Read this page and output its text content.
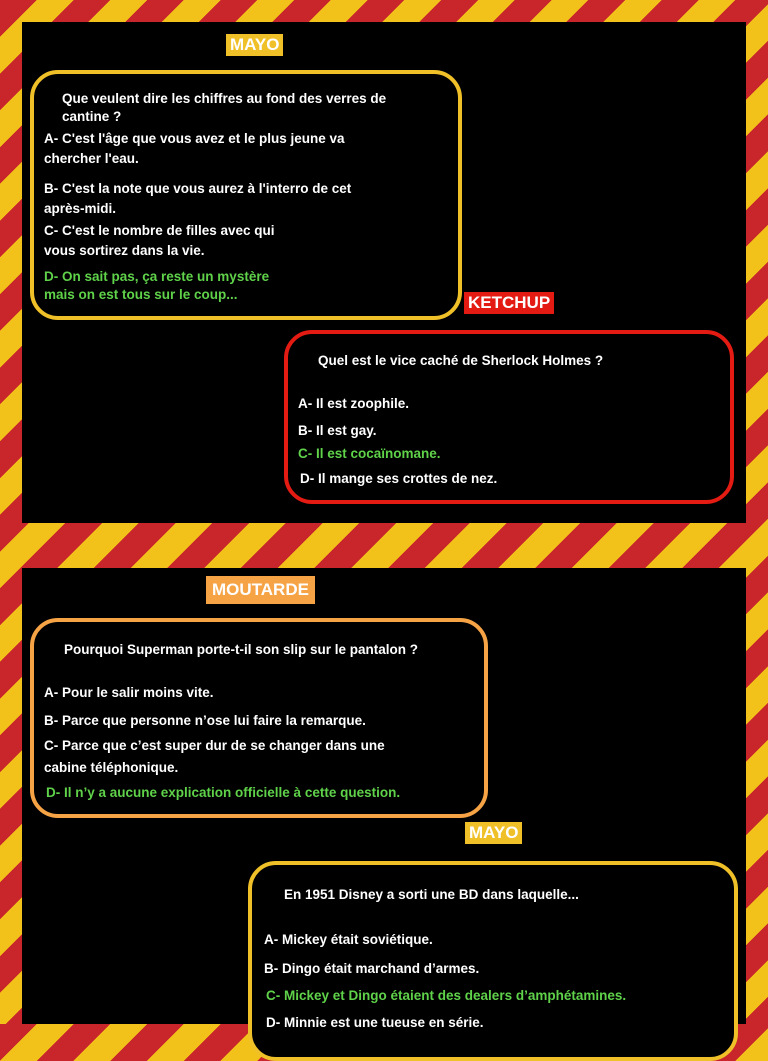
MAYO
Que veulent dire les chiffres au fond des verres de
cantine ?
A- C'est l'âge que vous avez et le plus jeune va
chercher l'eau.
B- C'est la note que vous aurez à l'interro de cet
après-midi.
C- C'est le nombre de filles avec qui
vous sortirez dans la vie.
D- On sait pas, ça reste un mystère
mais on est tous sur le coup...	KETCHUP
Quel est le vice caché de Sherlock Holmes ?
A- Il est zoophile.
B- Il est gay.
C- Il est cocaïnomane.
D- Il mange ses crottes de nez.
MOUTARDE
Pourquoi Superman porte-t-il son slip sur le pantalon ?
A- Pour le salir moins vite.
B- Parce que personne n’ose lui faire la remarque.
C- Parce que c’est super dur de se changer dans une
cabine téléphonique.
D- Il n’y a aucune explication officielle à cette question.
MAYO
En 1951 Disney a sorti une BD dans laquelle...
A- Mickey était soviétique.
B- Dingo était marchand d’armes.
C- Mickey et Dingo étaient des dealers d’amphétamines.
D- Minnie est une tueuse en série.
